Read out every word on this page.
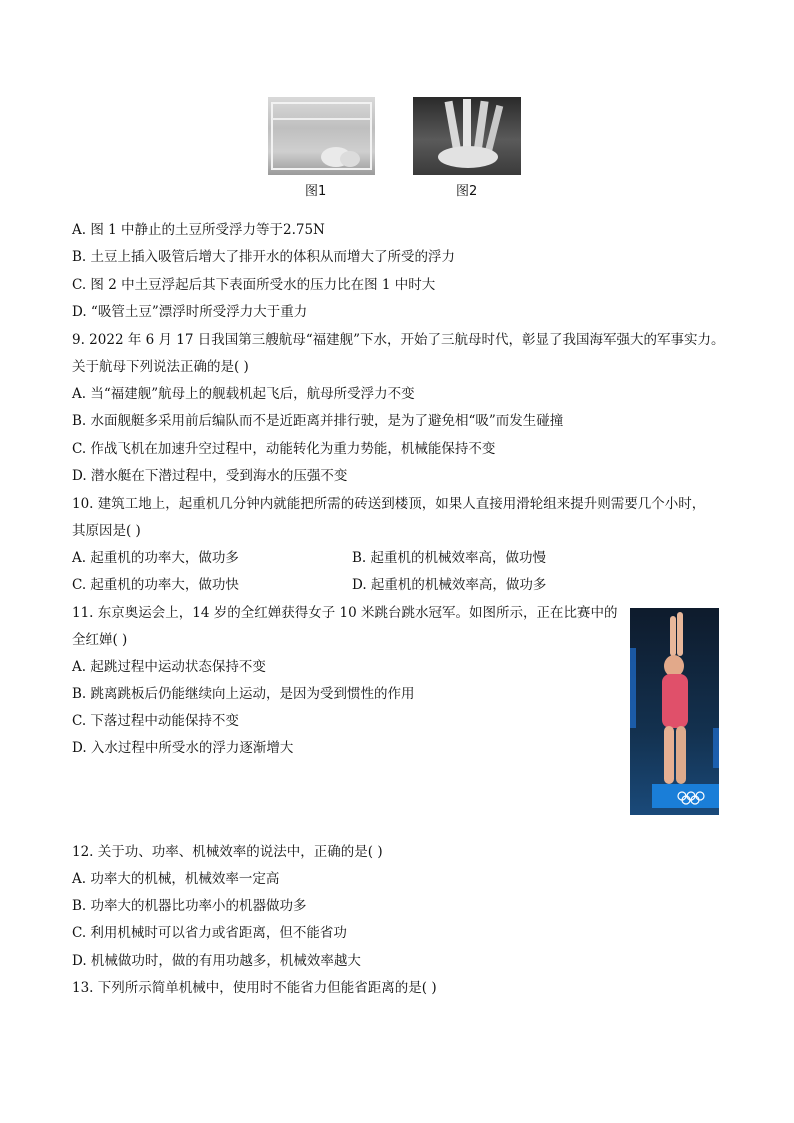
图1	图2
A. 图 1 中静止的土豆所受浮力等于2.75N
B. 土豆上插入吸管后增大了排开水的体积从而增大了所受的浮力
C. 图 2 中土豆浮起后其下表面所受水的压力比在图 1 中时大
D. “吸管土豆”漂浮时所受浮力大于重力
9. 2022 年 6 月 17 日我国第三艘航母“福建舰”下水，开始了三航母时代，彰显了我国海军强大的军事实力。
关于航母下列说法正确的是( )
A. 当“福建舰”航母上的舰载机起飞后，航母所受浮力不变
B. 水面舰艇多采用前后编队而不是近距离并排行驶，是为了避免相“吸”而发生碰撞
C. 作战飞机在加速升空过程中，动能转化为重力势能，机械能保持不变
D. 潜水艇在下潜过程中，受到海水的压强不变
10. 建筑工地上，起重机几分钟内就能把所需的砖送到楼顶，如果人直接用滑轮组来提升则需要几个小时，
其原因是( )
A. 起重机的功率大，做功多	B. 起重机的机械效率高，做功慢
C. 起重机的功率大，做功快	D. 起重机的机械效率高，做功多
11. 东京奥运会上，14 岁的全红婵获得女子 10 米跳台跳水冠军。如图所示，正在比赛中的
全红婵( )
A. 起跳过程中运动状态保持不变
B. 跳离跳板后仍能继续向上运动，是因为受到惯性的作用
C. 下落过程中动能保持不变
D. 入水过程中所受水的浮力逐渐增大
12. 关于功、功率、机械效率的说法中，正确的是( )
A. 功率大的机械，机械效率一定高
B. 功率大的机器比功率小的机器做功多
C. 利用机械时可以省力或省距离，但不能省功
D. 机械做功时，做的有用功越多，机械效率越大
13. 下列所示简单机械中，使用时不能省力但能省距离的是( )
